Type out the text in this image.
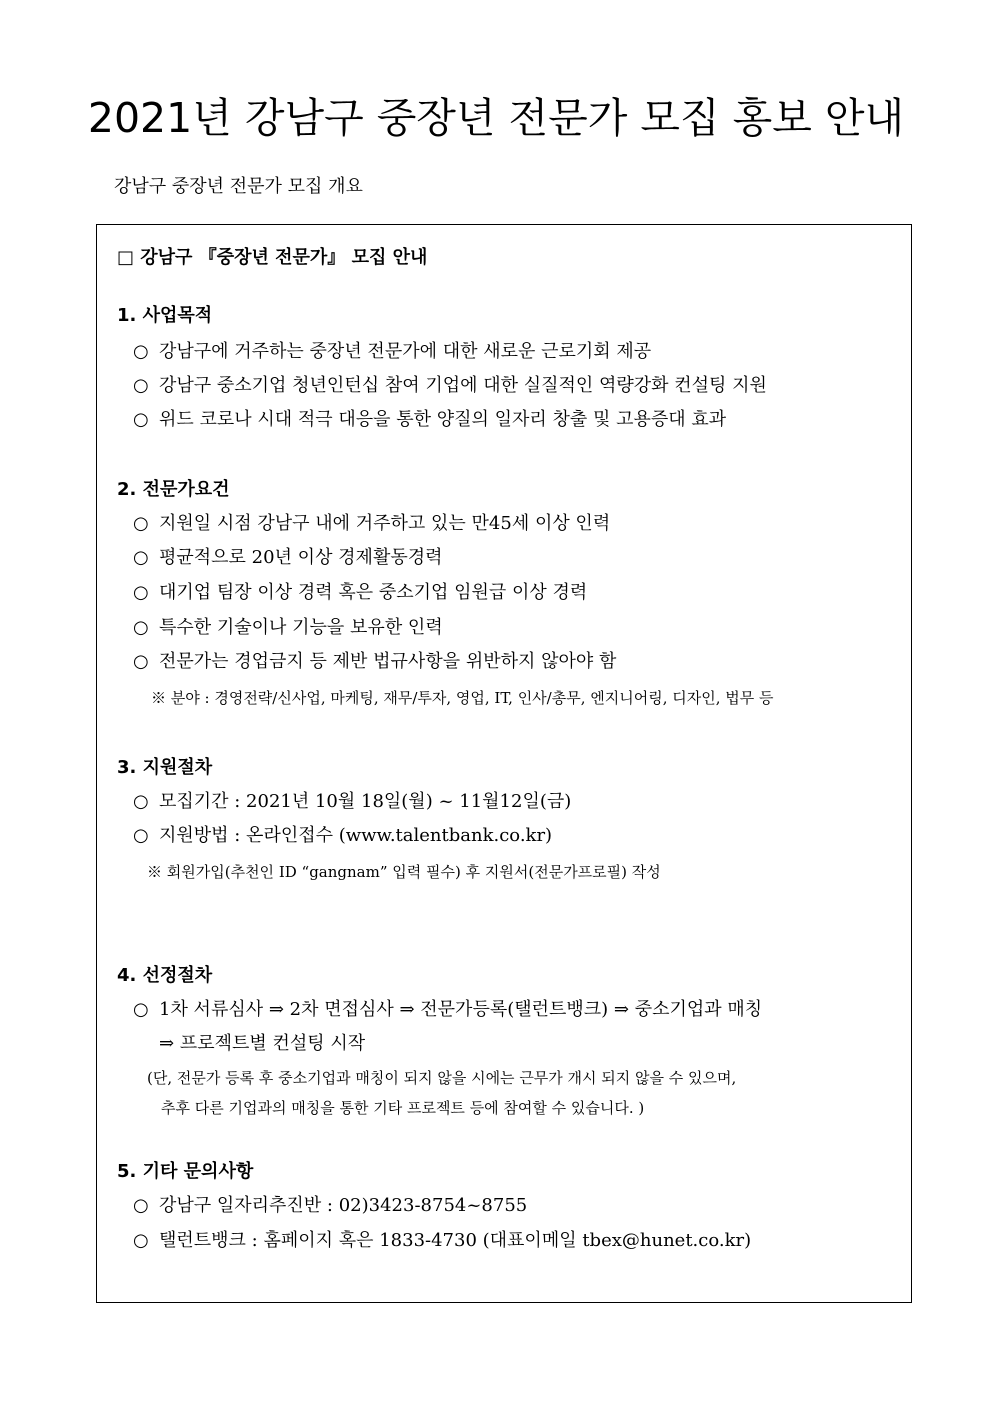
2021년 강남구 중장년 전문가 모집 홍보 안내
강남구 중장년 전문가 모집 개요
□ 강남구 『중장년 전문가』 모집 안내
1. 사업목적
○ 강남구에 거주하는 중장년 전문가에 대한 새로운 근로기회 제공
○ 강남구 중소기업 청년인턴십 참여 기업에 대한 실질적인 역량강화 컨설팅 지원
○ 위드 코로나 시대 적극 대응을 통한 양질의 일자리 창출 및 고용증대 효과
2. 전문가요건
○ 지원일 시점 강남구 내에 거주하고 있는 만45세 이상 인력
○ 평균적으로 20년 이상 경제활동경력
○ 대기업 팀장 이상 경력 혹은 중소기업 임원급 이상 경력
○ 특수한 기술이나 기능을 보유한 인력
○ 전문가는 경업금지 등 제반 법규사항을 위반하지 않아야 함
※ 분야 : 경영전략/신사업, 마케팅, 재무/투자, 영업, IT, 인사/총무, 엔지니어링, 디자인, 법무 등
3. 지원절차
○ 모집기간 : 2021년 10월 18일(월) ~ 11월12일(금)
○ 지원방법 : 온라인접수 (www.talentbank.co.kr)
※ 회원가입(추천인 ID “gangnam” 입력 필수) 후 지원서(전문가프로필) 작성
4. 선정절차
○ 1차 서류심사 ⇒ 2차 면접심사 ⇒ 전문가등록(탤런트뱅크) ⇒ 중소기업과 매칭
⇒ 프로젝트별 컨설팅 시작
(단, 전문가 등록 후 중소기업과 매칭이 되지 않을 시에는 근무가 개시 되지 않을 수 있으며,
추후 다른 기업과의 매칭을 통한 기타 프로젝트 등에 참여할 수 있습니다. )
5. 기타 문의사항
○ 강남구 일자리추진반 : 02)3423-8754~8755
○ 탤런트뱅크 : 홈페이지 혹은 1833-4730 (대표이메일 tbex@hunet.co.kr)
